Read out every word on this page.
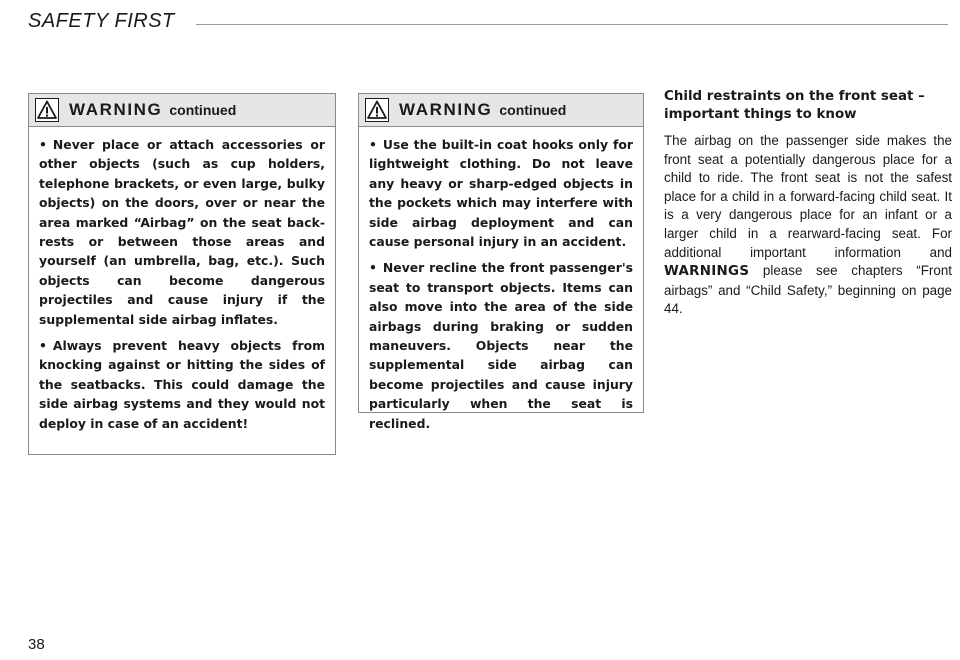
SAFETY FIRST
WARNING continued

• Never place or attach accessories or other objects (such as cup holders, telephone brackets, or even large, bulky objects) on the doors, over or near the area marked “Airbag” on the seat backrests or between those areas and yourself (an umbrella, bag, etc.). Such objects can become dangerous projectiles and cause injury if the supplemental side airbag inflates.

• Always prevent heavy objects from knocking against or hitting the sides of the seatbacks. This could damage the side airbag systems and they would not deploy in case of an accident!

WARNING continued

• Use the built-in coat hooks only for lightweight clothing. Do not leave any heavy or sharp-edged objects in the pockets which may interfere with side airbag deployment and can cause personal injury in an accident.

• Never recline the front passenger's seat to transport objects. Items can also move into the area of the side airbags during braking or sudden maneuvers. Objects near the supplemental side airbag can become projectiles and cause injury particularly when the seat is reclined.

Child restraints on the front seat – important things to know

The airbag on the passenger side makes the front seat a potentially dangerous place for a child to ride. The front seat is not the safest place for a child in a forward-facing child seat. It is a very dangerous place for an infant or a larger child in a rearward-facing seat. For additional important information and WARNINGS please see chapters “Front airbags” and “Child Safety,” beginning on page 44.

38
